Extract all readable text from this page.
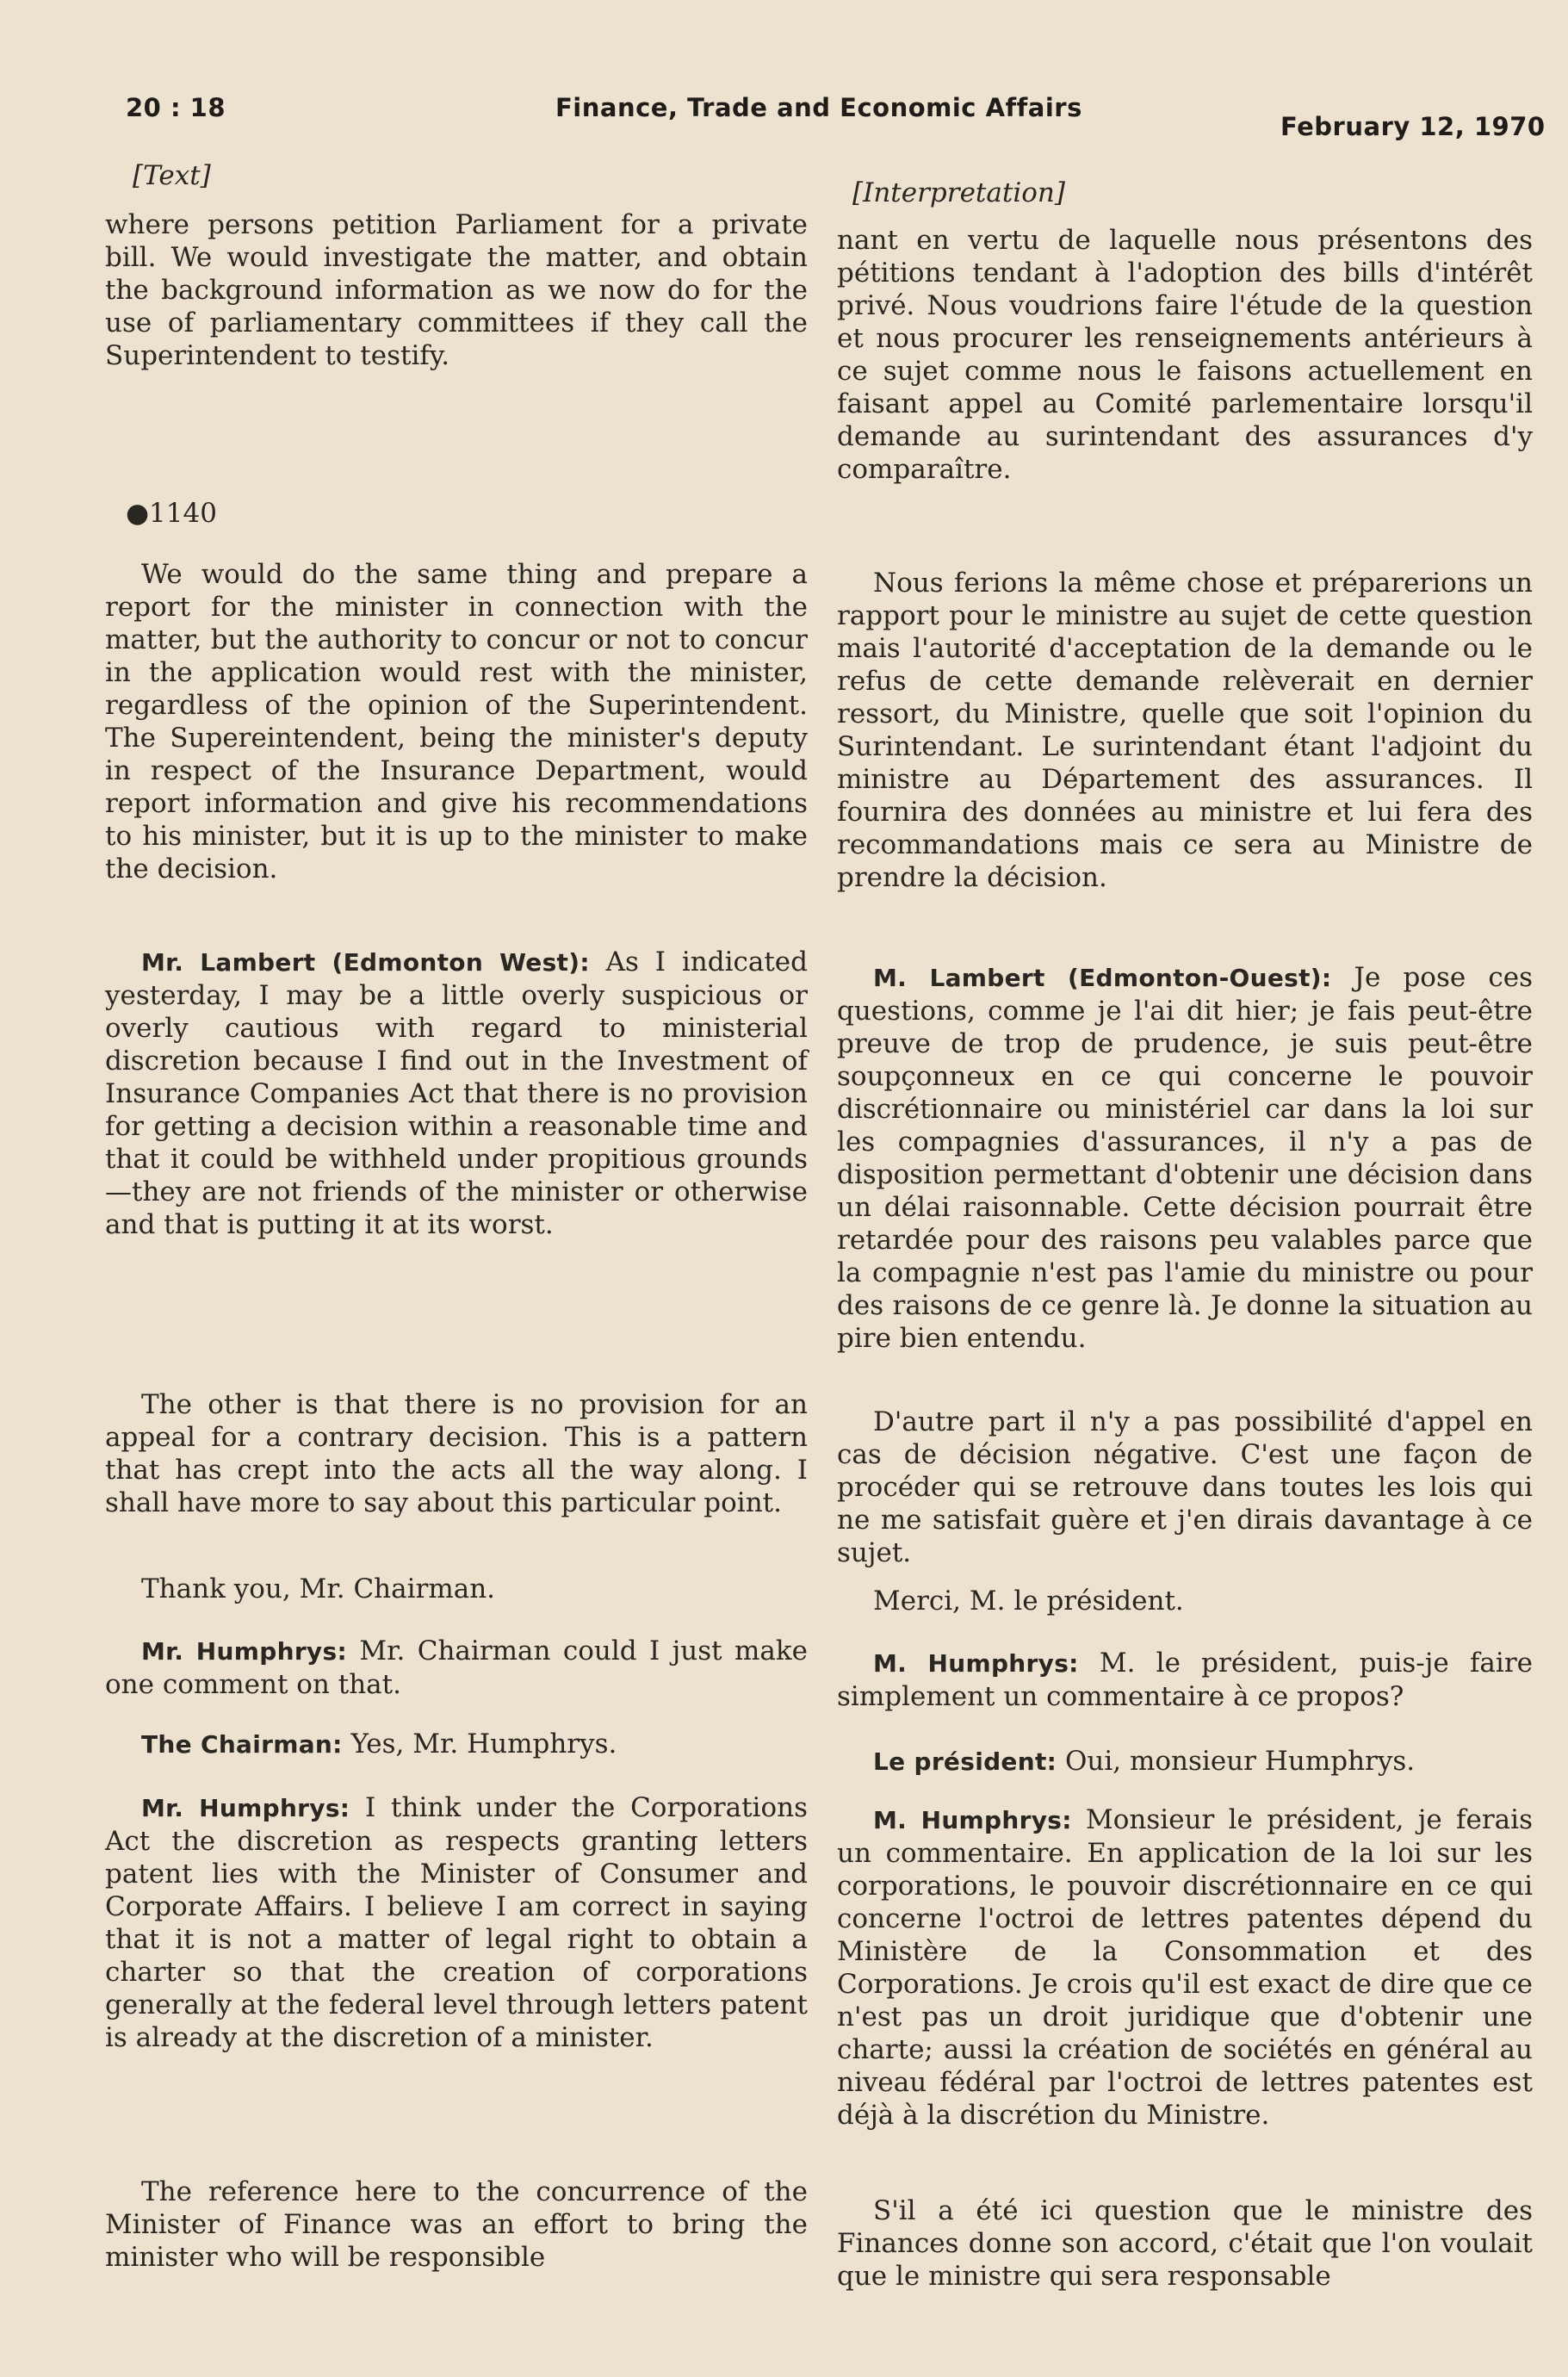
20 : 18	Finance, Trade and Economic Affairs
February 12, 1970
[Text]
where persons petition Parliament for a private bill. We would investigate the matter, and obtain the background information as we now do for the use of parliamentary committees if they call the Superintendent to testify.
●1140
We would do the same thing and prepare a report for the minister in connection with the matter, but the authority to concur or not to concur in the application would rest with the minister, regardless of the opinion of the Superintendent. The Supereintendent, being the minister's deputy in respect of the Insurance Department, would report information and give his recommendations to his minister, but it is up to the minister to make the decision.
Mr. Lambert (Edmonton West): As I indicated yesterday, I may be a little overly suspicious or overly cautious with regard to ministerial discretion because I find out in the Investment of Insurance Companies Act that there is no provision for getting a decision within a reasonable time and that it could be withheld under propitious grounds—they are not friends of the minister or otherwise and that is putting it at its worst.
The other is that there is no provision for an appeal for a contrary decision. This is a pattern that has crept into the acts all the way along. I shall have more to say about this particular point.
Thank you, Mr. Chairman.
Mr. Humphrys: Mr. Chairman could I just make one comment on that.
The Chairman: Yes, Mr. Humphrys.
Mr. Humphrys: I think under the Corporations Act the discretion as respects granting letters patent lies with the Minister of Consumer and Corporate Affairs. I believe I am correct in saying that it is not a matter of legal right to obtain a charter so that the creation of corporations generally at the federal level through letters patent is already at the discretion of a minister.
The reference here to the concurrence of the Minister of Finance was an effort to bring the minister who will be responsible
[Interpretation]
nant en vertu de laquelle nous présentons des pétitions tendant à l'adoption des bills d'intérêt privé. Nous voudrions faire l'étude de la question et nous procurer les renseignements antérieurs à ce sujet comme nous le faisons actuellement en faisant appel au Comité parlementaire lorsqu'il demande au surintendant des assurances d'y comparaître.
Nous ferions la même chose et préparerions un rapport pour le ministre au sujet de cette question mais l'autorité d'acceptation de la demande ou le refus de cette demande relèverait en dernier ressort, du Ministre, quelle que soit l'opinion du Surintendant. Le surintendant étant l'adjoint du ministre au Département des assurances. Il fournira des données au ministre et lui fera des recommandations mais ce sera au Ministre de prendre la décision.
M. Lambert (Edmonton-Ouest): Je pose ces questions, comme je l'ai dit hier; je fais peut-être preuve de trop de prudence, je suis peut-être soupçonneux en ce qui concerne le pouvoir discrétionnaire ou ministériel car dans la loi sur les compagnies d'assurances, il n'y a pas de disposition permettant d'obtenir une décision dans un délai raisonnable. Cette décision pourrait être retardée pour des raisons peu valables parce que la compagnie n'est pas l'amie du ministre ou pour des raisons de ce genre là. Je donne la situation au pire bien entendu.
D'autre part il n'y a pas possibilité d'appel en cas de décision négative. C'est une façon de procéder qui se retrouve dans toutes les lois qui ne me satisfait guère et j'en dirais davantage à ce sujet.
Merci, M. le président.
M. Humphrys: M. le président, puis-je faire simplement un commentaire à ce propos?
Le président: Oui, monsieur Humphrys.
M. Humphrys: Monsieur le président, je ferais un commentaire. En application de la loi sur les corporations, le pouvoir discrétionnaire en ce qui concerne l'octroi de lettres patentes dépend du Ministère de la Consommation et des Corporations. Je crois qu'il est exact de dire que ce n'est pas un droit juridique que d'obtenir une charte; aussi la création de sociétés en général au niveau fédéral par l'octroi de lettres patentes est déjà à la discrétion du Ministre.
S'il a été ici question que le ministre des Finances donne son accord, c'était que l'on voulait que le ministre qui sera responsable
